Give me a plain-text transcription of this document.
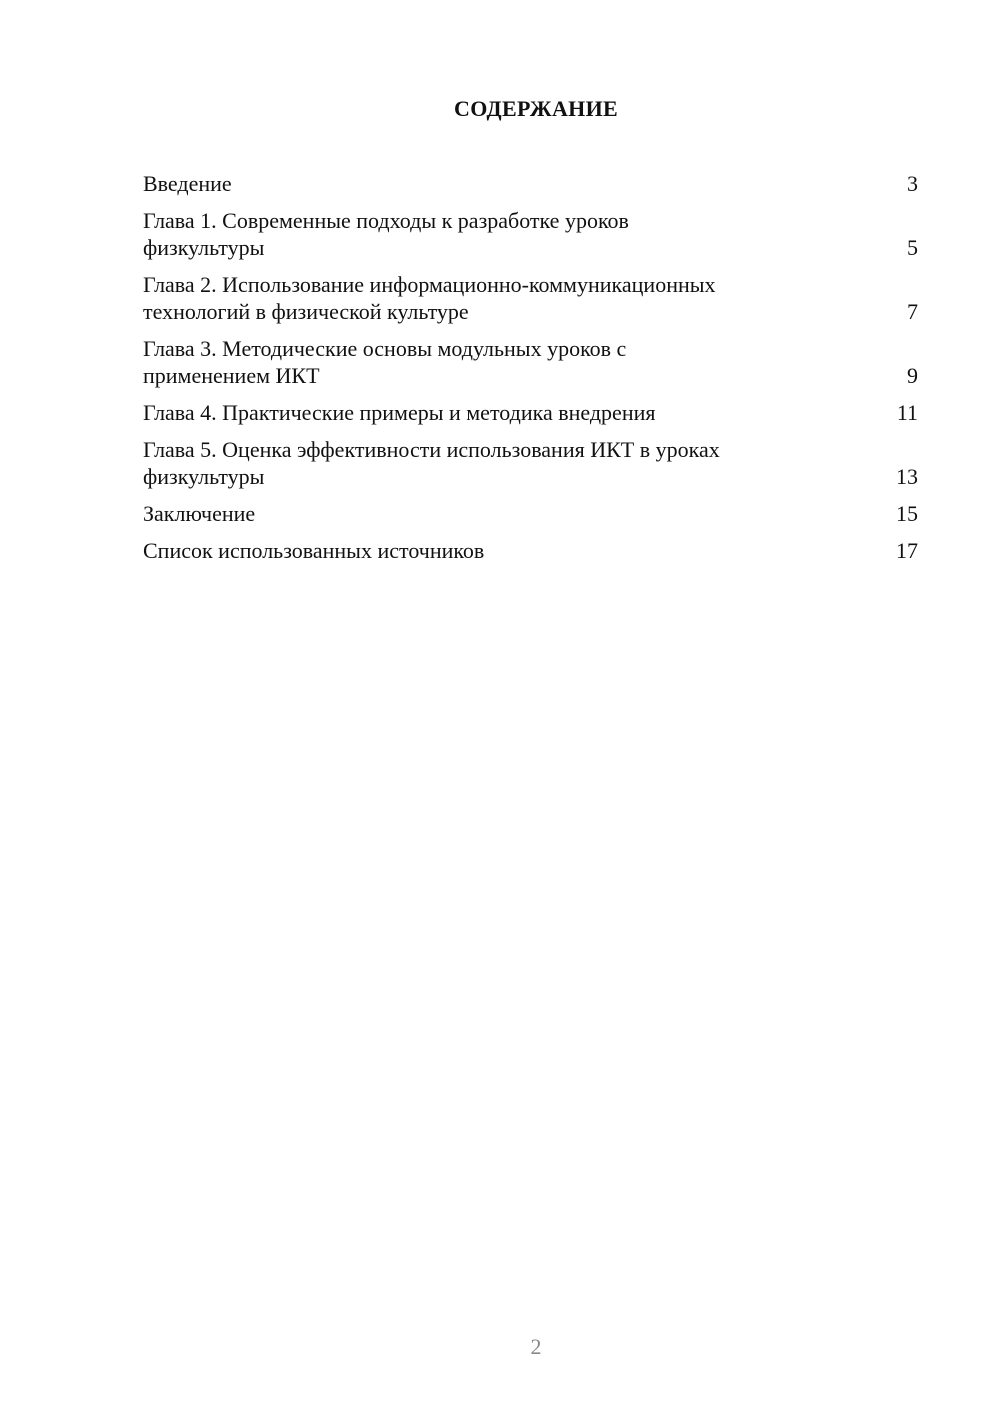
СОДЕРЖАНИЕ
Введение	3
Глава 1. Современные подходы к разработке уроков
физкультуры	5
Глава 2. Использование информационно-коммуникационных
технологий в физической культуре	7
Глава 3. Методические основы модульных уроков с
применением ИКТ	9
Глава 4. Практические примеры и методика внедрения	11
Глава 5. Оценка эффективности использования ИКТ в уроках
физкультуры	13
Заключение	15
Список использованных источников	17
2
